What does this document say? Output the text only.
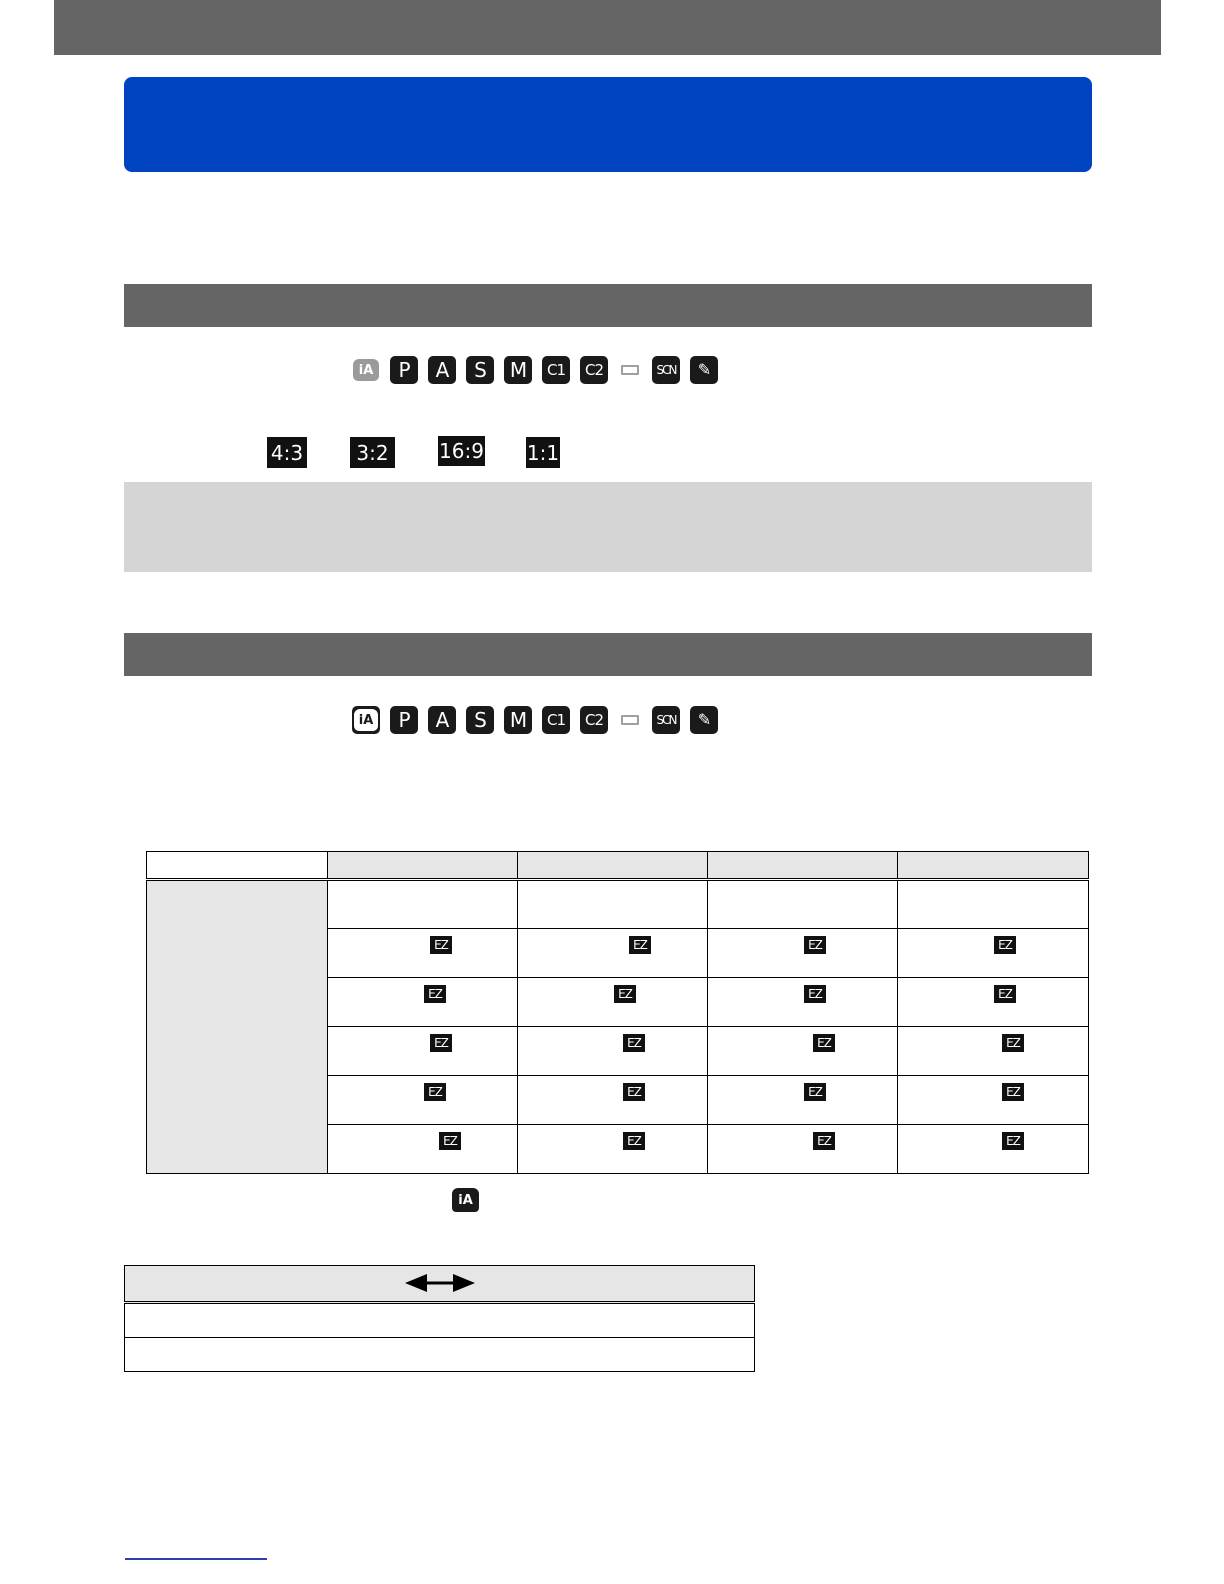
iA	P	A	S	M	C1	C2	SCN	✎
4:3	3:2	16:9 1:1
iA	P	A	S	M	C1	C2	SCN	✎

EZ	EZ	EZ	EZ

EZ	EZ	EZ	EZ

EZ	EZ	EZ	EZ

EZ	EZ	EZ	EZ

EZ	EZ	EZ	EZ
iA
